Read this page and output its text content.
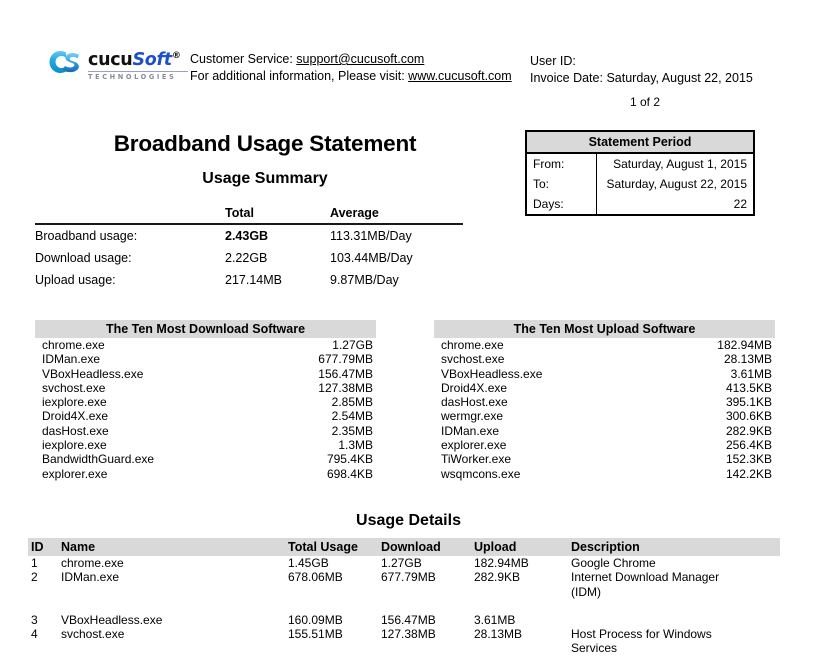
cucuSoft®
TECHNOLOGIES
Customer Service: support@cucusoft.com
For additional information, Please visit: www.cucusoft.com
User ID:
Invoice Date: Saturday, August 22, 2015
1 of 2
Broadband Usage Statement
Usage Summary
Statement Period
From:	Saturday, August 1, 2015
To:	Saturday, August 22, 2015
Days:	22
Total	Average
Broadband usage:	2.43GB	113.31MB/Day
Download usage:	2.22GB	103.44MB/Day
Upload usage:	217.14MB	9.87MB/Day
The Ten Most Download Software
chrome.exe	1.27GB
IDMan.exe	677.79MB
VBoxHeadless.exe	156.47MB
svchost.exe	127.38MB
iexplore.exe	2.85MB
Droid4X.exe	2.54MB
dasHost.exe	2.35MB
iexplore.exe	1.3MB
BandwidthGuard.exe	795.4KB
explorer.exe	698.4KB
The Ten Most Upload Software
chrome.exe	182.94MB
svchost.exe	28.13MB
VBoxHeadless.exe	3.61MB
Droid4X.exe	413.5KB
dasHost.exe	395.1KB
wermgr.exe	300.6KB
IDMan.exe	282.9KB
explorer.exe	256.4KB
TiWorker.exe	152.3KB
wsqmcons.exe	142.2KB
Usage Details
ID	Name	Total Usage	Download	Upload	Description
1	chrome.exe	1.45GB	1.27GB	182.94MB	Google Chrome
2	IDMan.exe	678.06MB	677.79MB	282.9KB	Internet Download Manager
(IDM)
3	VBoxHeadless.exe	160.09MB	156.47MB	3.61MB
4	svchost.exe	155.51MB	127.38MB	28.13MB	Host Process for Windows
Services
